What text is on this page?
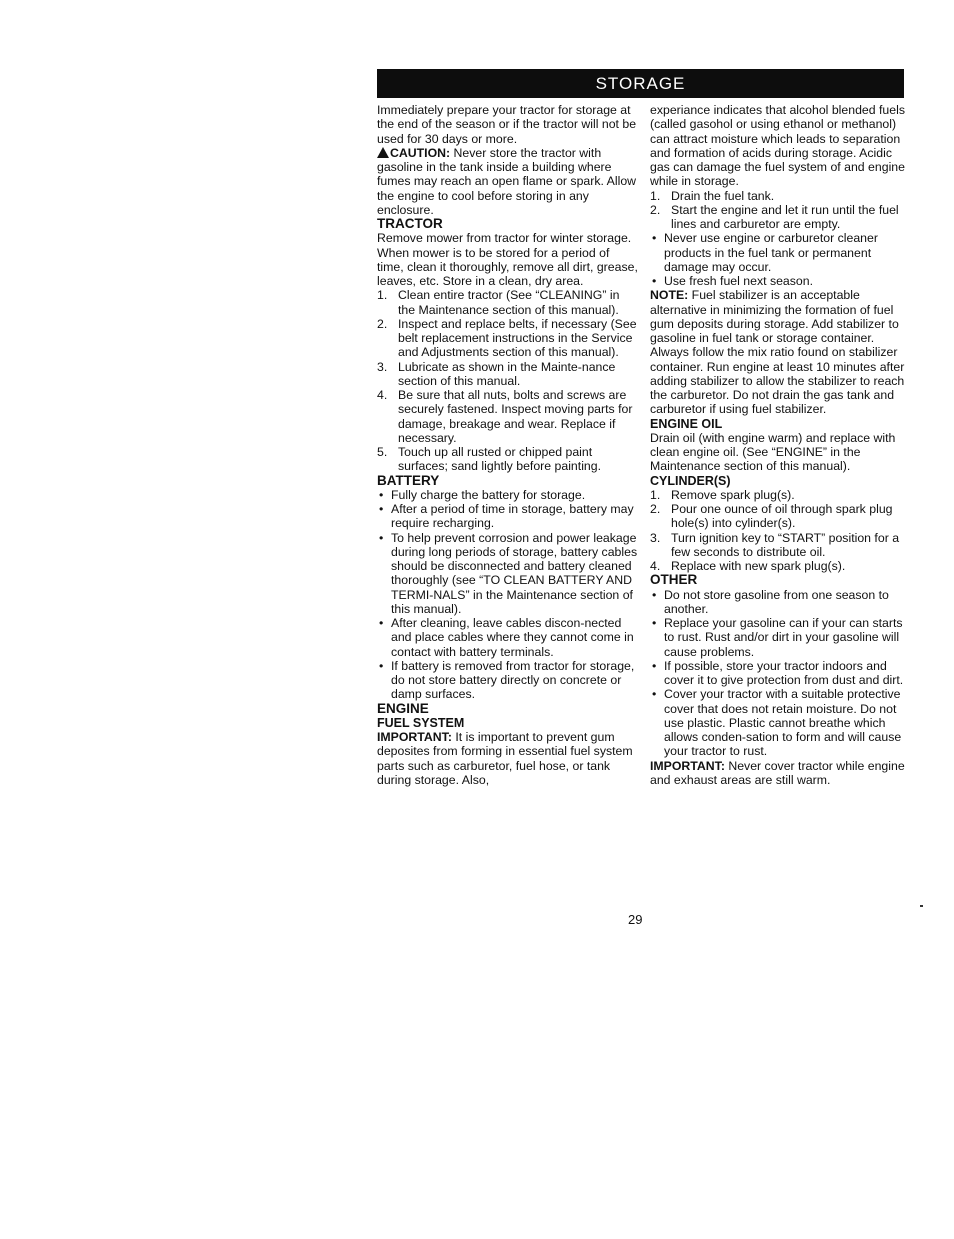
STORAGE

Immediately prepare your tractor for storage at the end of the season or if the tractor will not be used for 30 days or more.

CAUTION: Never store the tractor with gasoline in the tank inside a building where fumes may reach an open flame or spark. Allow the engine to cool before storing in any enclosure.

TRACTOR

Remove mower from tractor for winter storage. When mower is to be stored for a period of time, clean it thoroughly, remove all dirt, grease, leaves, etc. Store in a clean, dry area.

1. Clean entire tractor (See “CLEANING” in the Maintenance section of this manual).
2. Inspect and replace belts, if necessary (See belt replacement instructions in the Service and Adjustments section of this manual).
3. Lubricate as shown in the Mainte-nance section of this manual.
4. Be sure that all nuts, bolts and screws are securely fastened. Inspect moving parts for damage, breakage and wear. Replace if necessary.
5. Touch up all rusted or chipped paint surfaces; sand lightly before painting.

BATTERY

• Fully charge the battery for storage.
• After a period of time in storage, battery may require recharging.
• To help prevent corrosion and power leakage during long periods of storage, battery cables should be disconnected and battery cleaned thoroughly (see “TO CLEAN BATTERY AND TERMI-NALS” in the Maintenance section of this manual).
• After cleaning, leave cables discon-nected and place cables where they cannot come in contact with battery terminals.
• If battery is removed from tractor for storage, do not store battery directly on concrete or damp surfaces.

ENGINE

FUEL SYSTEM

IMPORTANT: It is important to prevent gum deposites from forming in essential fuel system parts such as carburetor, fuel hose, or tank during storage. Also,

experiance indicates that alcohol blended fuels (called gasohol or using ethanol or methanol) can attract moisture which leads to separation and formation of acids during storage. Acidic gas can damage the fuel system of and engine while in storage.

1. Drain the fuel tank.
2. Start the engine and let it run until the fuel lines and carburetor are empty.
• Never use engine or carburetor cleaner products in the fuel tank or permanent damage may occur.
• Use fresh fuel next season.

NOTE: Fuel stabilizer is an acceptable alternative in minimizing the formation of fuel gum deposits during storage. Add stabilizer to gasoline in fuel tank or storage container. Always follow the mix ratio found on stabilizer container. Run engine at least 10 minutes after adding stabilizer to allow the stabilizer to reach the carburetor. Do not drain the gas tank and carburetor if using fuel stabilizer.

ENGINE OIL

Drain oil (with engine warm) and replace with clean engine oil. (See “ENGINE” in the Maintenance section of this manual).

CYLINDER(S)

1. Remove spark plug(s).
2. Pour one ounce of oil through spark plug hole(s) into cylinder(s).
3. Turn ignition key to “START” position for a few seconds to distribute oil.
4. Replace with new spark plug(s).

OTHER

• Do not store gasoline from one season to another.
• Replace your gasoline can if your can starts to rust. Rust and/or dirt in your gasoline will cause problems.
• If possible, store your tractor indoors and cover it to give protection from dust and dirt.
• Cover your tractor with a suitable protective cover that does not retain moisture. Do not use plastic. Plastic cannot breathe which allows conden-sation to form and will cause your tractor to rust.

IMPORTANT: Never cover tractor while engine and exhaust areas are still warm.

29
